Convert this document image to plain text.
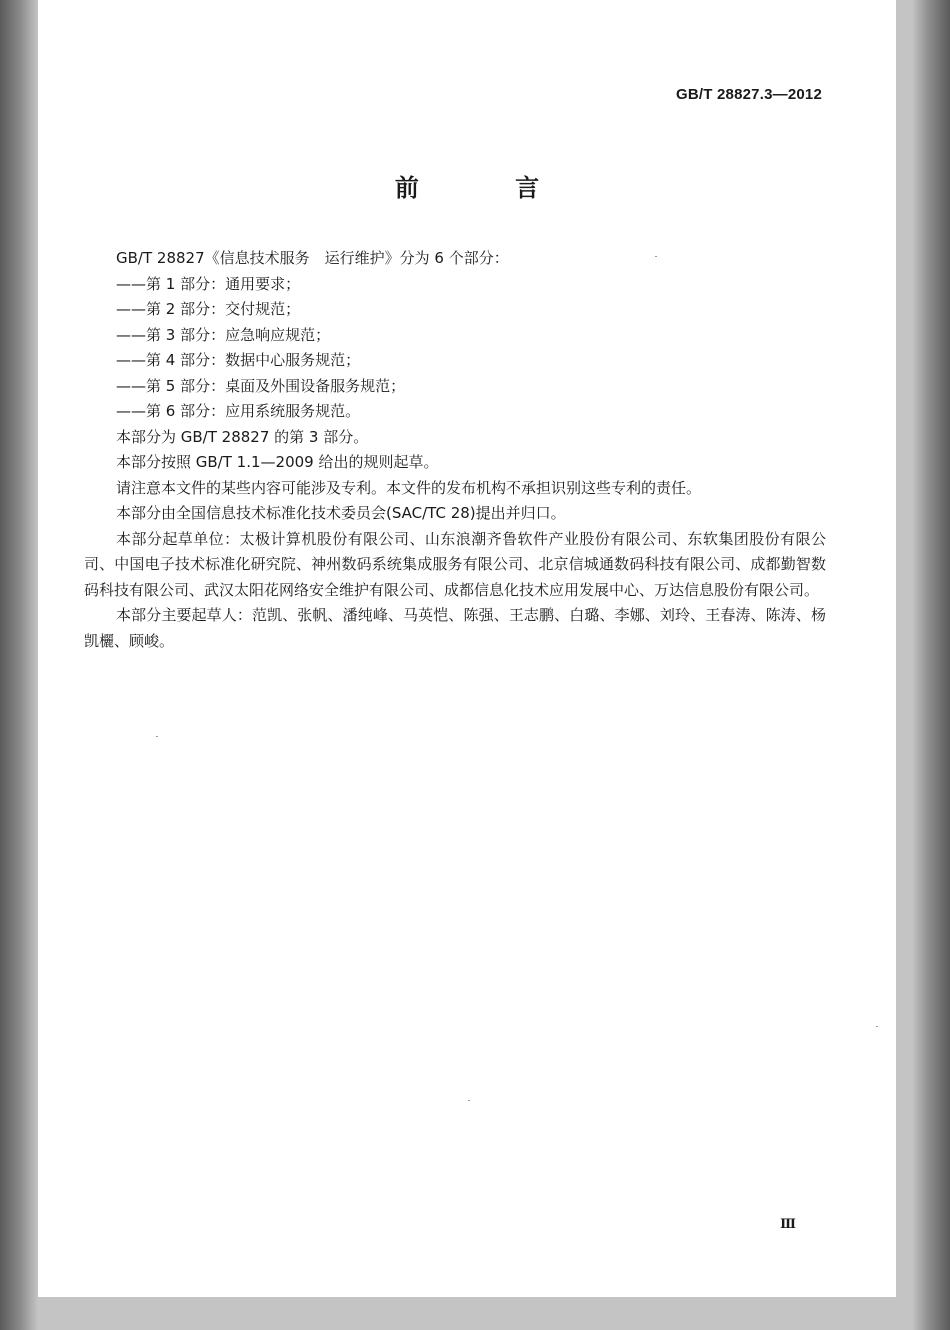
GB/T 28827.3—2012
前 言

GB/T 28827《信息技术服务　运行维护》分为 6 个部分：

——第 1 部分：通用要求；

——第 2 部分：交付规范；

——第 3 部分：应急响应规范；

——第 4 部分：数据中心服务规范；

——第 5 部分：桌面及外围设备服务规范；

——第 6 部分：应用系统服务规范。

本部分为 GB/T 28827 的第 3 部分。

本部分按照 GB/T 1.1—2009 给出的规则起草。

请注意本文件的某些内容可能涉及专利。本文件的发布机构不承担识别这些专利的责任。

本部分由全国信息技术标准化技术委员会(SAC/TC 28)提出并归口。

本部分起草单位：太极计算机股份有限公司、山东浪潮齐鲁软件产业股份有限公司、东软集团股份有限公司、中国电子技术标准化研究院、神州数码系统集成服务有限公司、北京信城通数码科技有限公司、成都勤智数码科技有限公司、武汉太阳花网络安全维护有限公司、成都信息化技术应用发展中心、万达信息股份有限公司。

本部分主要起草人：范凯、张帆、潘纯峰、马英恺、陈强、王志鹏、白璐、李娜、刘玲、王春涛、陈涛、杨凯欐、顾峻。

Ⅲ
